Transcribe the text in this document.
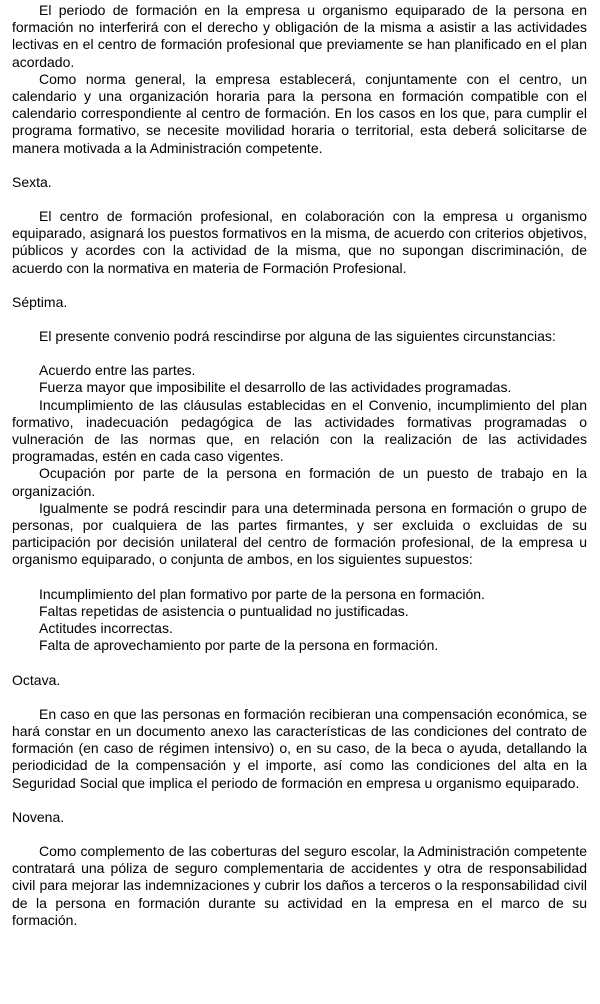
El periodo de formación en la empresa u organismo equiparado de la persona en formación no interferirá con el derecho y obligación de la misma a asistir a las actividades lectivas en el centro de formación profesional que previamente se han planificado en el plan acordado.

Como norma general, la empresa establecerá, conjuntamente con el centro, un calendario y una organización horaria para la persona en formación compatible con el calendario correspondiente al centro de formación. En los casos en los que, para cumplir el programa formativo, se necesite movilidad horaria o territorial, esta deberá solicitarse de manera motivada a la Administración competente.

Sexta.

El centro de formación profesional, en colaboración con la empresa u organismo equiparado, asignará los puestos formativos en la misma, de acuerdo con criterios objetivos, públicos y acordes con la actividad de la misma, que no supongan discriminación, de acuerdo con la normativa en materia de Formación Profesional.

Séptima.

El presente convenio podrá rescindirse por alguna de las siguientes circunstancias:

Acuerdo entre las partes.

Fuerza mayor que imposibilite el desarrollo de las actividades programadas.

Incumplimiento de las cláusulas establecidas en el Convenio, incumplimiento del plan formativo, inadecuación pedagógica de las actividades formativas programadas o vulneración de las normas que, en relación con la realización de las actividades programadas, estén en cada caso vigentes.

Ocupación por parte de la persona en formación de un puesto de trabajo en la organización.

Igualmente se podrá rescindir para una determinada persona en formación o grupo de personas, por cualquiera de las partes firmantes, y ser excluida o excluidas de su participación por decisión unilateral del centro de formación profesional, de la empresa u organismo equiparado, o conjunta de ambos, en los siguientes supuestos:

Incumplimiento del plan formativo por parte de la persona en formación.

Faltas repetidas de asistencia o puntualidad no justificadas.

Actitudes incorrectas.

Falta de aprovechamiento por parte de la persona en formación.

Octava.

En caso en que las personas en formación recibieran una compensación económica, se hará constar en un documento anexo las características de las condiciones del contrato de formación (en caso de régimen intensivo) o, en su caso, de la beca o ayuda, detallando la periodicidad de la compensación y el importe, así como las condiciones del alta en la Seguridad Social que implica el periodo de formación en empresa u organismo equiparado.

Novena.

Como complemento de las coberturas del seguro escolar, la Administración competente contratará una póliza de seguro complementaria de accidentes y otra de responsabilidad civil para mejorar las indemnizaciones y cubrir los daños a terceros o la responsabilidad civil de la persona en formación durante su actividad en la empresa en el marco de su formación.
